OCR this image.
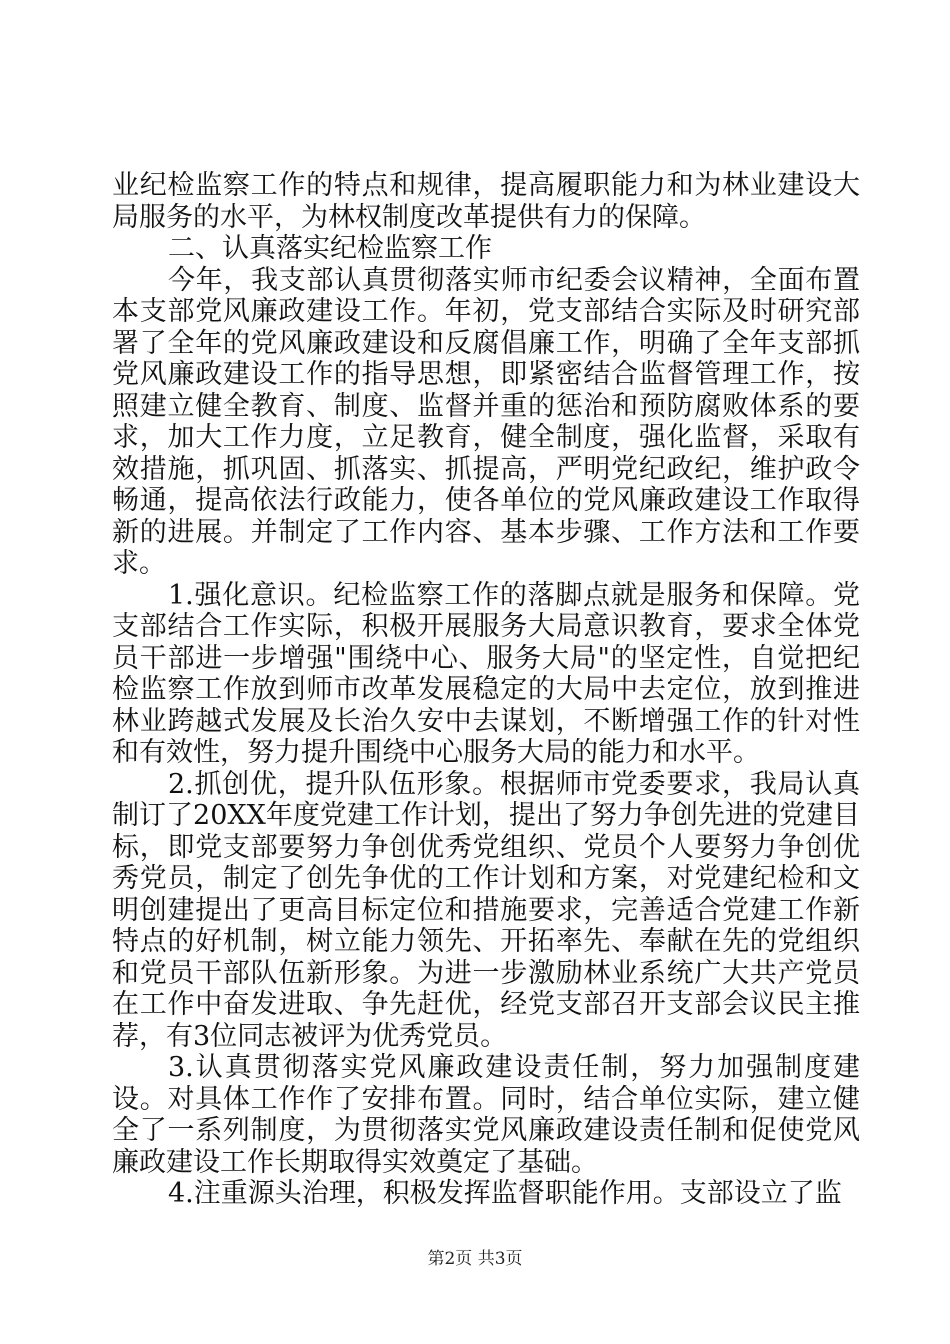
业纪检监察工作的特点和规律，提高履职能力和为林业建设大局服务的水平，为林权制度改革提供有力的保障。

二、认真落实纪检监察工作

今年，我支部认真贯彻落实师市纪委会议精神，全面布置本支部党风廉政建设工作。年初，党支部结合实际及时研究部署了全年的党风廉政建设和反腐倡廉工作，明确了全年支部抓党风廉政建设工作的指导思想，即紧密结合监督管理工作，按照建立健全教育、制度、监督并重的惩治和预防腐败体系的要求，加大工作力度，立足教育，健全制度，强化监督，采取有效措施，抓巩固、抓落实、抓提高，严明党纪政纪，维护政令畅通，提高依法行政能力，使各单位的党风廉政建设工作取得新的进展。并制定了工作内容、基本步骤、工作方法和工作要求。

1.强化意识。纪检监察工作的落脚点就是服务和保障。党支部结合工作实际，积极开展服务大局意识教育，要求全体党员干部进一步增强"围绕中心、服务大局"的坚定性，自觉把纪检监察工作放到师市改革发展稳定的大局中去定位，放到推进林业跨越式发展及长治久安中去谋划，不断增强工作的针对性和有效性，努力提升围绕中心服务大局的能力和水平。

2.抓创优，提升队伍形象。根据师市党委要求，我局认真制订了20XX年度党建工作计划，提出了努力争创先进的党建目标，即党支部要努力争创优秀党组织、党员个人要努力争创优秀党员，制定了创先争优的工作计划和方案，对党建纪检和文明创建提出了更高目标定位和措施要求，完善适合党建工作新特点的好机制，树立能力领先、开拓率先、奉献在先的党组织和党员干部队伍新形象。为进一步激励林业系统广大共产党员在工作中奋发进取、争先赶优，经党支部召开支部会议民主推荐，有3位同志被评为优秀党员。

3.认真贯彻落实党风廉政建设责任制，努力加强制度建设。对具体工作作了安排布置。同时，结合单位实际，建立健全了一系列制度，为贯彻落实党风廉政建设责任制和促使党风廉政建设工作长期取得实效奠定了基础。

4.注重源头治理，积极发挥监督职能作用。支部设立了监

第2页 共3页
